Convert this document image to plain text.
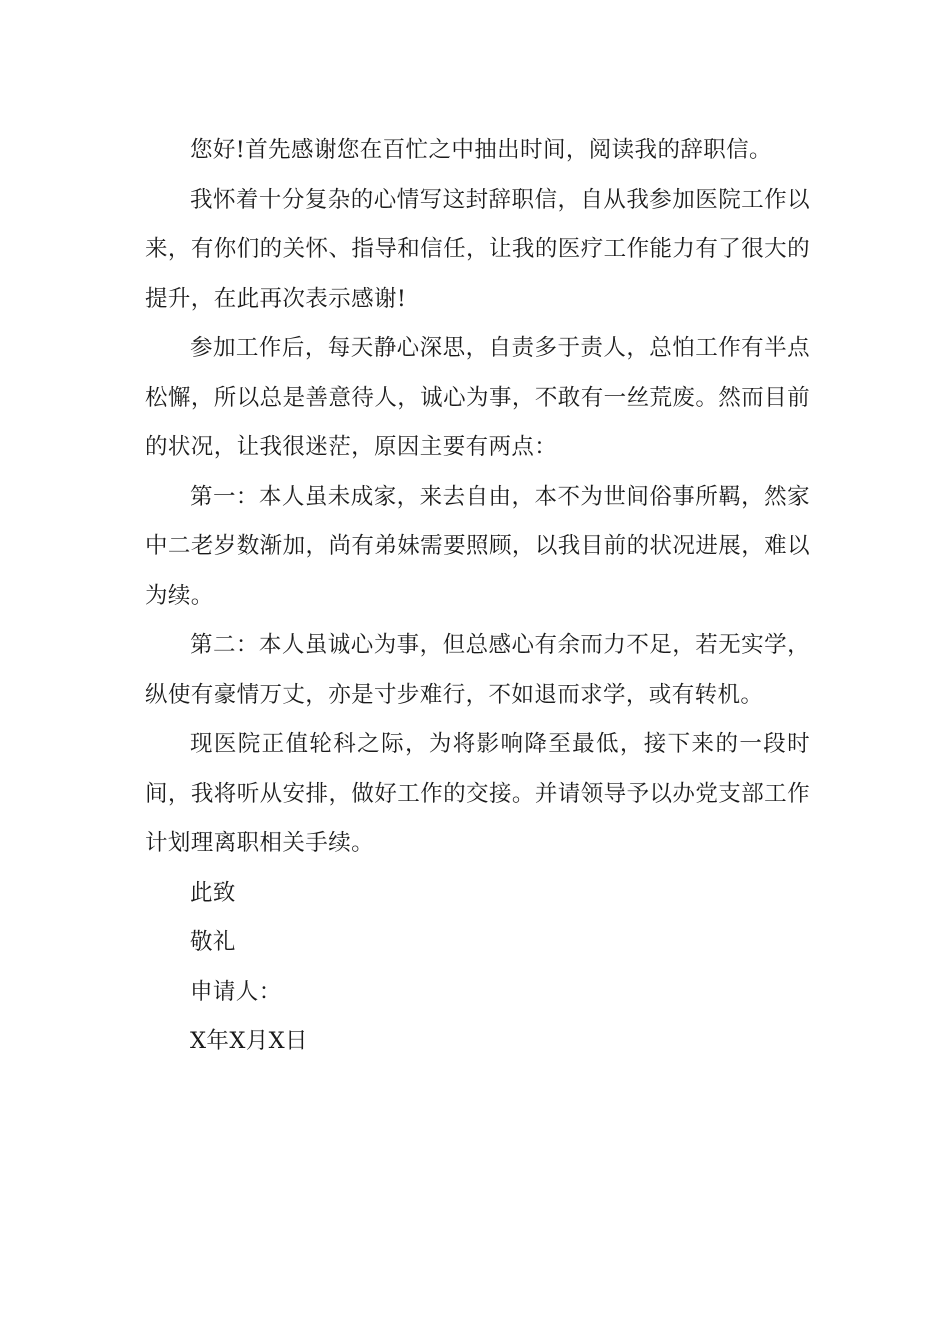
您好!首先感谢您在百忙之中抽出时间，阅读我的辞职信。

我怀着十分复杂的心情写这封辞职信，自从我参加医院工作以来，有你们的关怀、指导和信任，让我的医疗工作能力有了很大的提升，在此再次表示感谢!

参加工作后，每天静心深思，自责多于责人，总怕工作有半点松懈，所以总是善意待人，诚心为事，不敢有一丝荒废。然而目前的状况，让我很迷茫，原因主要有两点：

第一：本人虽未成家，来去自由，本不为世间俗事所羁，然家中二老岁数渐加，尚有弟妹需要照顾，以我目前的状况进展，难以为续。

第二：本人虽诚心为事，但总感心有余而力不足，若无实学，纵使有豪情万丈，亦是寸步难行，不如退而求学，或有转机。

现医院正值轮科之际，为将影响降至最低，接下来的一段时间，我将听从安排，做好工作的交接。并请领导予以办党支部工作计划理离职相关手续。

此致

敬礼

申请人：

X年X月X日
